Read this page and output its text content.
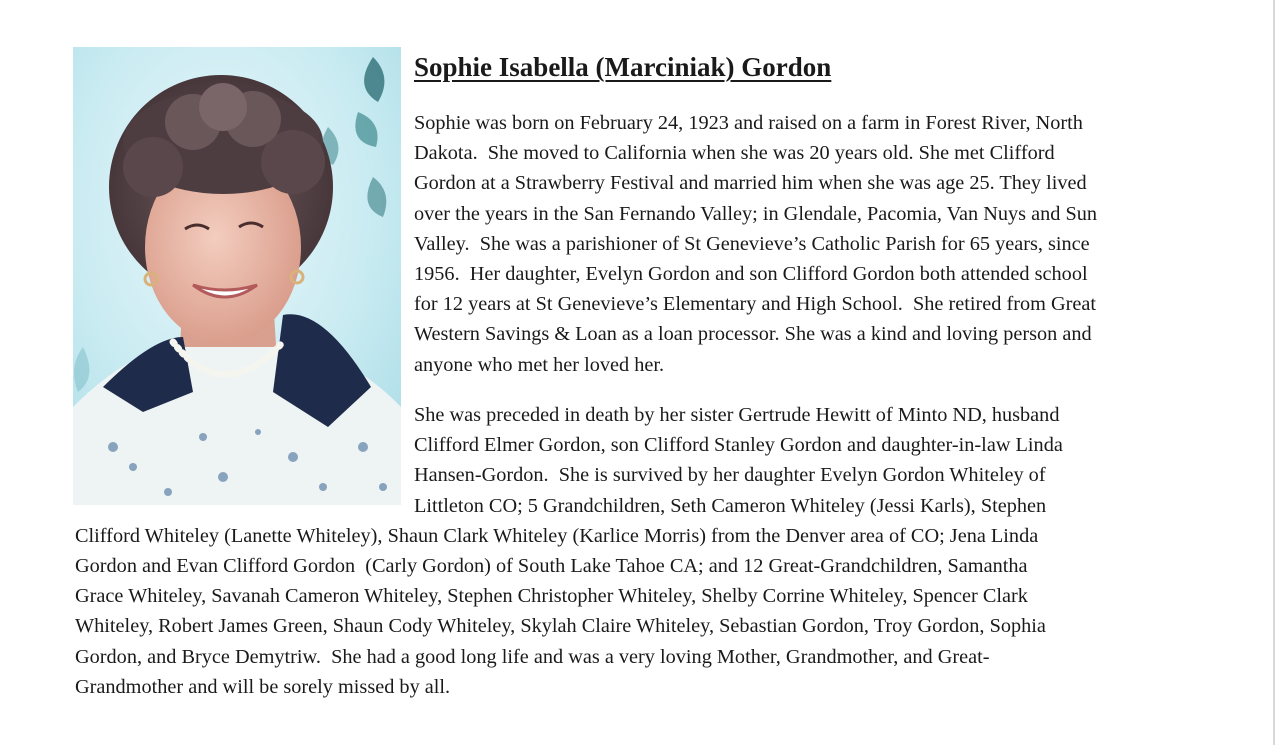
Sophie Isabella (Marciniak) Gordon
Sophie was born on February 24, 1923 and raised on a farm in Forest River, North
Dakota.  She moved to California when she was 20 years old. She met Clifford
Gordon at a Strawberry Festival and married him when she was age 25. They lived
over the years in the San Fernando Valley; in Glendale, Pacomia, Van Nuys and Sun
Valley.  She was a parishioner of St Genevieve’s Catholic Parish for 65 years, since
1956.  Her daughter, Evelyn Gordon and son Clifford Gordon both attended school
for 12 years at St Genevieve’s Elementary and High School.  She retired from Great
Western Savings & Loan as a loan processor. She was a kind and loving person and
anyone who met her loved her.
She was preceded in death by her sister Gertrude Hewitt of Minto ND, husband
Clifford Elmer Gordon, son Clifford Stanley Gordon and daughter-in-law Linda
Hansen-Gordon.  She is survived by her daughter Evelyn Gordon Whiteley of
Littleton CO; 5 Grandchildren, Seth Cameron Whiteley (Jessi Karls), Stephen
Clifford Whiteley (Lanette Whiteley), Shaun Clark Whiteley (Karlice Morris) from the Denver area of CO; Jena Linda
Gordon and Evan Clifford Gordon  (Carly Gordon) of South Lake Tahoe CA; and 12 Great-Grandchildren, Samantha
Grace Whiteley, Savanah Cameron Whiteley, Stephen Christopher Whiteley, Shelby Corrine Whiteley, Spencer Clark
Whiteley, Robert James Green, Shaun Cody Whiteley, Skylah Claire Whiteley, Sebastian Gordon, Troy Gordon, Sophia
Gordon, and Bryce Demytriw.  She had a good long life and was a very loving Mother, Grandmother, and Great-
Grandmother and will be sorely missed by all.
